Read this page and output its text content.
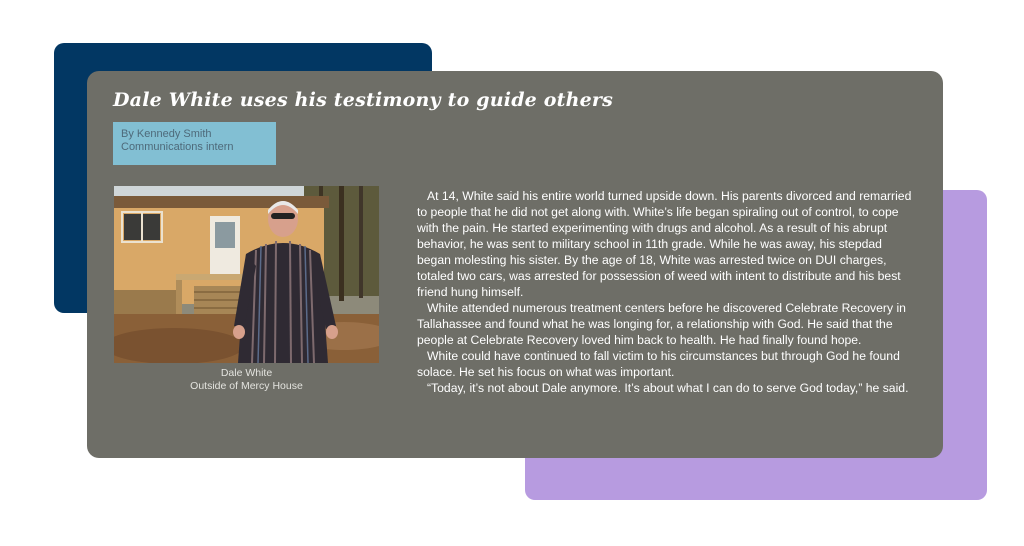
Dale White uses his testimony to guide others
By Kennedy Smith
Communications intern
Dale White
Outside of Mercy House

At 14, White said his entire world turned upside down. His parents divorced and remarried to people that he did not get along with. White’s life began spiraling out of control, to cope with the pain. He started experimenting with drugs and alcohol. As a result of his abrupt behavior, he was sent to military school in 11th grade. While he was away, his stepdad began molesting his sister. By the age of 18, White was arrested twice on DUI charges, totaled two cars, was arrested for possession of weed with intent to distribute and his best friend hung himself.

White attended numerous treatment centers before he discovered Celebrate Recovery in Tallahassee and found what he was longing for, a relationship with God. He said that the people at Celebrate Recovery loved him back to health. He had finally found hope.

White could have continued to fall victim to his circumstances but through God he found solace. He set his focus on what was important.

“Today, it’s not about Dale anymore. It’s about what I can do to serve God today,” he said.
